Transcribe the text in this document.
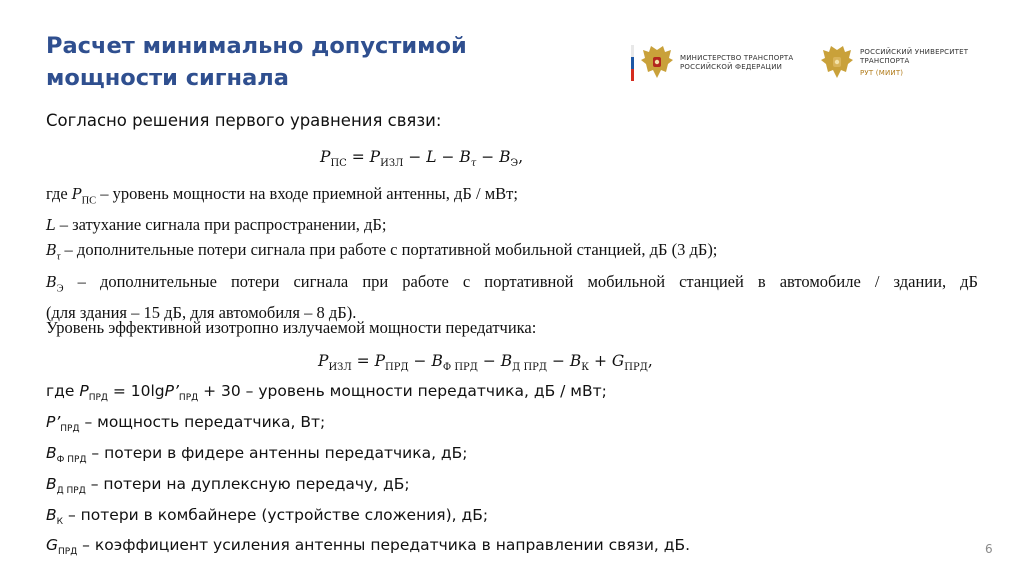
Расчет минимально допустимой
мощности сигнала
МИНИСТЕРСТВО ТРАНСПОРТА
РОССИЙСКОЙ ФЕДЕРАЦИИ
РОССИЙСКИЙ УНИВЕРСИТЕТ
ТРАНСПОРТА
РУТ (МИИТ)

Согласно решения первого уравнения связи:

$P_{ПС} = P_{ИЗЛ} - L - B_\tau - B_Э$,

где $P_{ПС}$ – уровень мощности на входе приемной антенны, дБ / мВт;

L – затухание сигнала при распространении, дБ;

$B_\tau$ – дополнительные потери сигнала при работе с портативной мобильной станцией, дБ (3 дБ);

$B_Э$ – дополнительные потери сигнала при работе с портативной мобильной станцией в автомобиле / здании, дБ

(для здания – 15 дБ, для автомобиля – 8 дБ).

Уровень эффективной изотропно излучаемой мощности передатчика:

$P_{ИЗЛ} = P_{ПРД} - B_{Ф ПРД} - B_{Д ПРД} - B_К + G_{ПРД}$,
где $P_{ПРД}$ = $10\lg P’_{ПРД} + 30$ – уровень мощности передатчика, дБ / мВт;
$P’_{ПРД}$ – мощность передатчика, Вт;
$B_{Ф ПРД}$ – потери в фидере антенны передатчика, дБ;
$B_{Д ПРД}$ – потери на дуплексную передачу, дБ;
$B_К$ – потери в комбайнере (устройстве сложения), дБ;
$G_{ПРД}$ – коэффициент усиления антенны передатчика в направлении связи, дБ.	6
